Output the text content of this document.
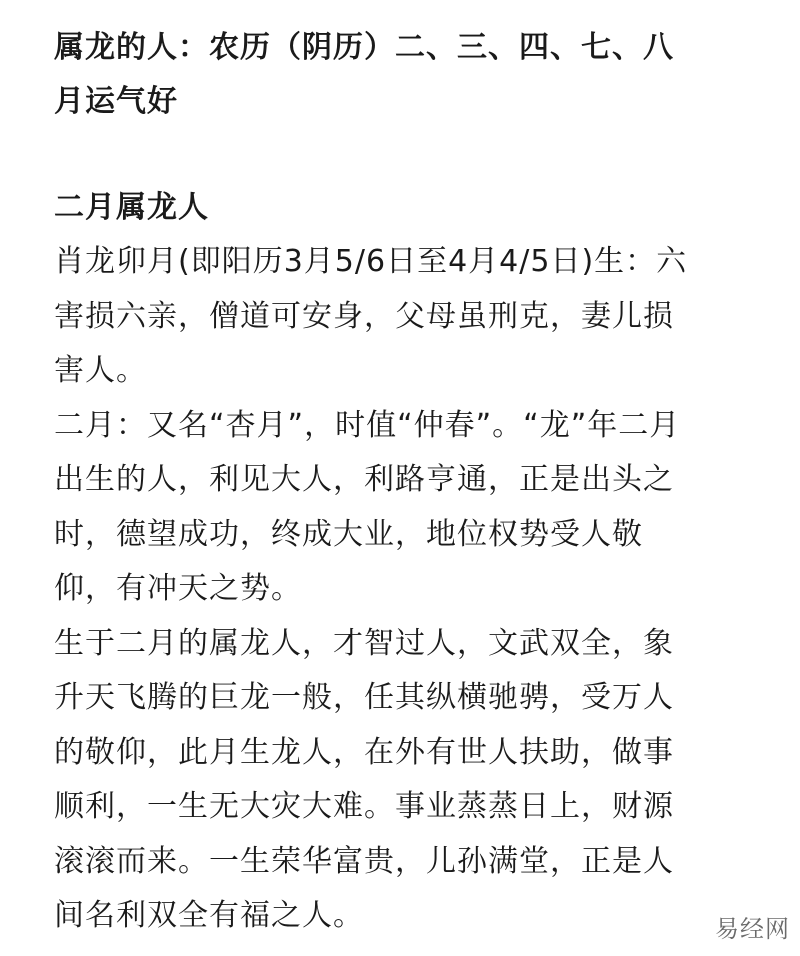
属龙的人：农历（阴历）二、三、四、七、八
月运气好
二月属龙人

肖龙卯月(即阳历3月5/6日至4月4/5日)生：六
害损六亲，僧道可安身，父母虽刑克，妻儿损
害人。

二月：又名“杏月”，时值“仲春”。“龙”年二月
出生的人，利见大人，利路亨通，正是出头之
时，德望成功，终成大业，地位权势受人敬
仰，有冲天之势。

生于二月的属龙人，才智过人，文武双全，象
升天飞腾的巨龙一般，任其纵横驰骋，受万人
的敬仰，此月生龙人，在外有世人扶助，做事
顺利，一生无大灾大难。事业蒸蒸日上，财源
滚滚而来。一生荣华富贵，儿孙满堂，正是人
间名利双全有福之人。	易经网
